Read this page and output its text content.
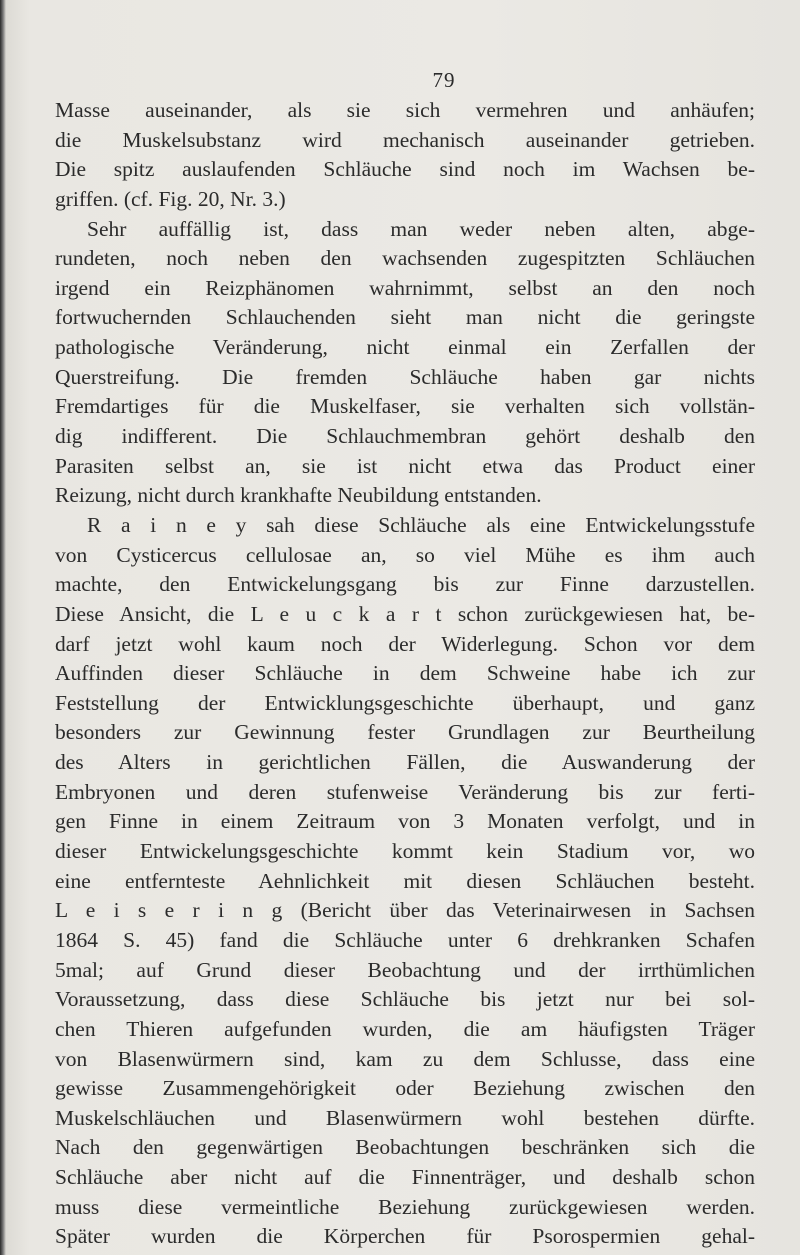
79
Masse auseinander, als sie sich vermehren und anhäufen;
die Muskelsubstanz wird mechanisch auseinander getrieben.
Die spitz auslaufenden Schläuche sind noch im Wachsen be-
griffen. (cf. Fig. 20, Nr. 3.)
Sehr auffällig ist, dass man weder neben alten, abge-
rundeten, noch neben den wachsenden zugespitzten Schläuchen
irgend ein Reizphänomen wahrnimmt, selbst an den noch
fortwuchernden Schlauchenden sieht man nicht die geringste
pathologische Veränderung, nicht einmal ein Zerfallen der
Querstreifung. Die fremden Schläuche haben gar nichts
Fremdartiges für die Muskelfaser, sie verhalten sich vollstän-
dig indifferent. Die Schlauchmembran gehört deshalb den
Parasiten selbst an, sie ist nicht etwa das Product einer
Reizung, nicht durch krankhafte Neubildung entstanden.
R a i n e y sah diese Schläuche als eine Entwickelungsstufe
von Cysticercus cellulosae an, so viel Mühe es ihm auch
machte, den Entwickelungsgang bis zur Finne darzustellen.
Diese Ansicht, die L e u c k a r t schon zurückgewiesen hat, be-
darf jetzt wohl kaum noch der Widerlegung. Schon vor dem
Auffinden dieser Schläuche in dem Schweine habe ich zur
Feststellung der Entwicklungsgeschichte überhaupt, und ganz
besonders zur Gewinnung fester Grundlagen zur Beurtheilung
des Alters in gerichtlichen Fällen, die Auswanderung der
Embryonen und deren stufenweise Veränderung bis zur ferti-
gen Finne in einem Zeitraum von 3 Monaten verfolgt, und in
dieser Entwickelungsgeschichte kommt kein Stadium vor, wo
eine entfernteste Aehnlichkeit mit diesen Schläuchen besteht.
L e i s e r i n g (Bericht über das Veterinairwesen in Sachsen
1864 S. 45) fand die Schläuche unter 6 drehkranken Schafen
5mal; auf Grund dieser Beobachtung und der irrthümlichen
Voraussetzung, dass diese Schläuche bis jetzt nur bei sol-
chen Thieren aufgefunden wurden, die am häufigsten Träger
von Blasenwürmern sind, kam zu dem Schlusse, dass eine
gewisse Zusammengehörigkeit oder Beziehung zwischen den
Muskelschläuchen und Blasenwürmern wohl bestehen dürfte.
Nach den gegenwärtigen Beobachtungen beschränken sich die
Schläuche aber nicht auf die Finnenträger, und deshalb schon
muss diese vermeintliche Beziehung zurückgewiesen werden.
Später wurden die Körperchen für Psorospermien gehal-
